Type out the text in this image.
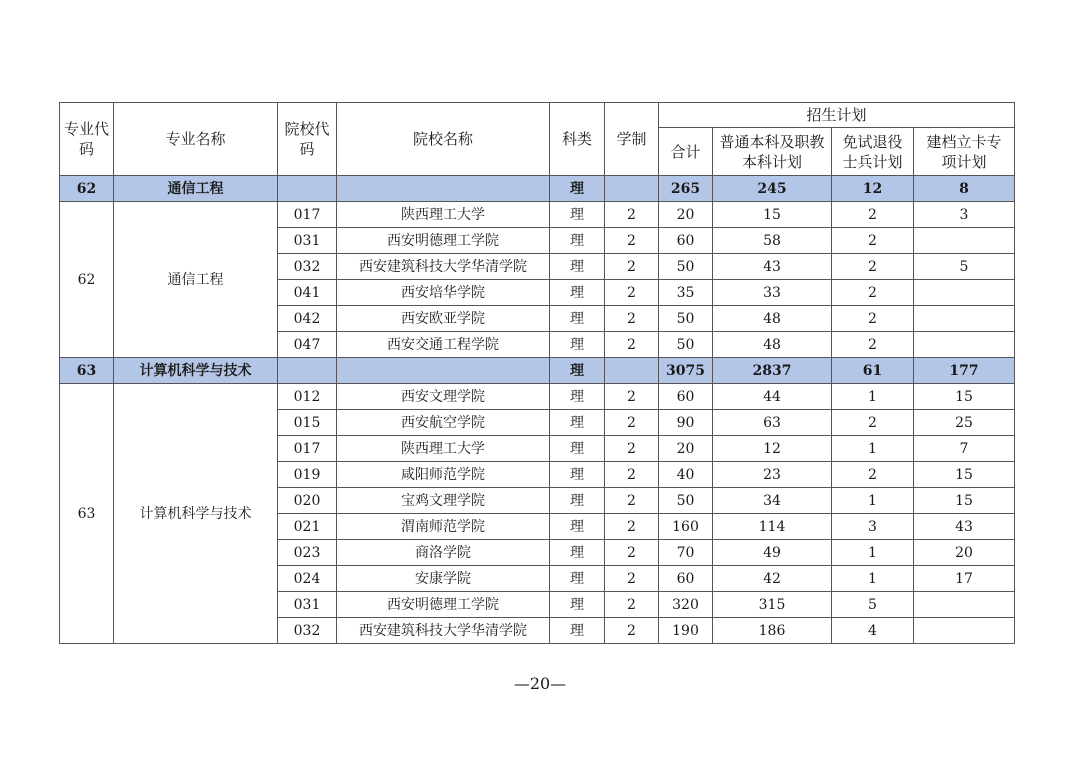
专业代码	专业名称	院校代码	院校名称	科类	学制	招生计划			
						合计	普通本科及职教本科计划	免试退役士兵计划	建档立卡专项计划
62	通信工程			理		265	245	12	8
62	通信工程	017	陕西理工大学	理	2	20	15	2	3
		031	西安明德理工学院	理	2	60	58	2	
		032	西安建筑科技大学华清学院	理	2	50	43	2	5
		041	西安培华学院	理	2	35	33	2	
		042	西安欧亚学院	理	2	50	48	2	
		047	西安交通工程学院	理	2	50	48	2	
63	计算机科学与技术			理		3075	2837	61	177
63	计算机科学与技术	012	西安文理学院	理	2	60	44	1	15
		015	西安航空学院	理	2	90	63	2	25
		017	陕西理工大学	理	2	20	12	1	7
		019	咸阳师范学院	理	2	40	23	2	15
		020	宝鸡文理学院	理	2	50	34	1	15
		021	渭南师范学院	理	2	160	114	3	43
		023	商洛学院	理	2	70	49	1	20
		024	安康学院	理	2	60	42	1	17
		031	西安明德理工学院	理	2	320	315	5	
		032	西安建筑科技大学华清学院	理	2	190	186	4	
—20—
